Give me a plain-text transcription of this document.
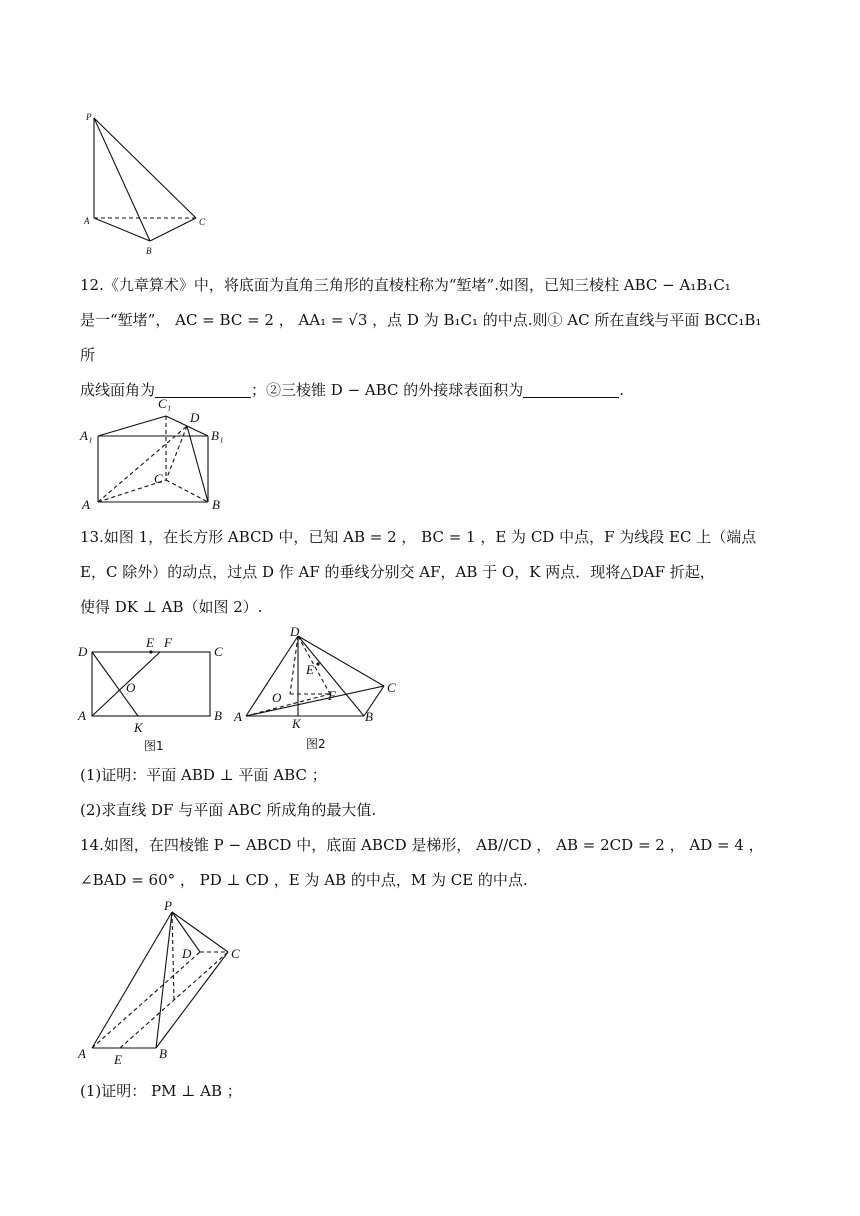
P
A
B
C
12.《九章算术》中，将底面为直角三角形的直棱柱称为“堑堵”.如图，已知三棱柱 ABC − A₁B₁C₁
是一“堑堵”， AC = BC = 2 ， AA₁ = √3 ，点 D 为 B₁C₁ 的中点.则① AC 所在直线与平面 BCC₁B₁ 所
成线面角为	；②三棱锥 D − ABC 的外接球表面积为	.
C₁
D
A₁	B₁
C
A	B
13.如图 1，在长方形 ABCD 中，已知 AB = 2 ， BC = 1 ，E 为 CD 中点，F 为线段 EC 上（端点
E，C 除外）的动点，过点 D 作 AF 的垂线分别交 AF，AB 于 O，K 两点．现将△DAF 折起，
使得 DK ⊥ AB（如图 2）.
D
E F
C
O
A
K
B
图1
D
E
O	F
C
A	K	B
图2
(1)证明：平面 ABD ⊥ 平面 ABC ；
(2)求直线 DF 与平面 ABC 所成角的最大值.
14.如图，在四棱锥 P − ABCD 中，底面 ABCD 是梯形， AB//CD ， AB = 2CD = 2 ， AD = 4 ，
∠BAD = 60° ， PD ⊥ CD ，E 为 AB 的中点，M 为 CE 的中点.
P
D	C
A E	B
(1)证明： PM ⊥ AB ；
